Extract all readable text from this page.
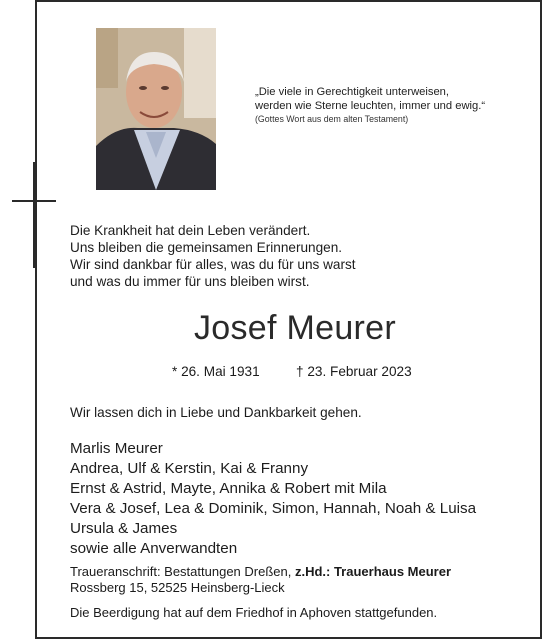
„Die viele in Gerechtigkeit unterweisen,
werden wie Sterne leuchten, immer und ewig.“
(Gottes Wort aus dem alten Testament)
Die Krankheit hat dein Leben verändert.
Uns bleiben die gemeinsamen Erinnerungen.
Wir sind dankbar für alles, was du für uns warst
und was du immer für uns bleiben wirst.
Josef Meurer
* 26. Mai 1931	† 23. Februar 2023
Wir lassen dich in Liebe und Dankbarkeit gehen.
Marlis Meurer
Andrea, Ulf & Kerstin, Kai & Franny
Ernst & Astrid, Mayte, Annika & Robert mit Mila
Vera & Josef, Lea & Dominik, Simon, Hannah, Noah & Luisa
Ursula & James
sowie alle Anverwandten
Traueranschrift: Bestattungen Dreßen, z.Hd.: Trauerhaus Meurer
Rossberg 15, 52525 Heinsberg-Lieck
Die Beerdigung hat auf dem Friedhof in Aphoven stattgefunden.
